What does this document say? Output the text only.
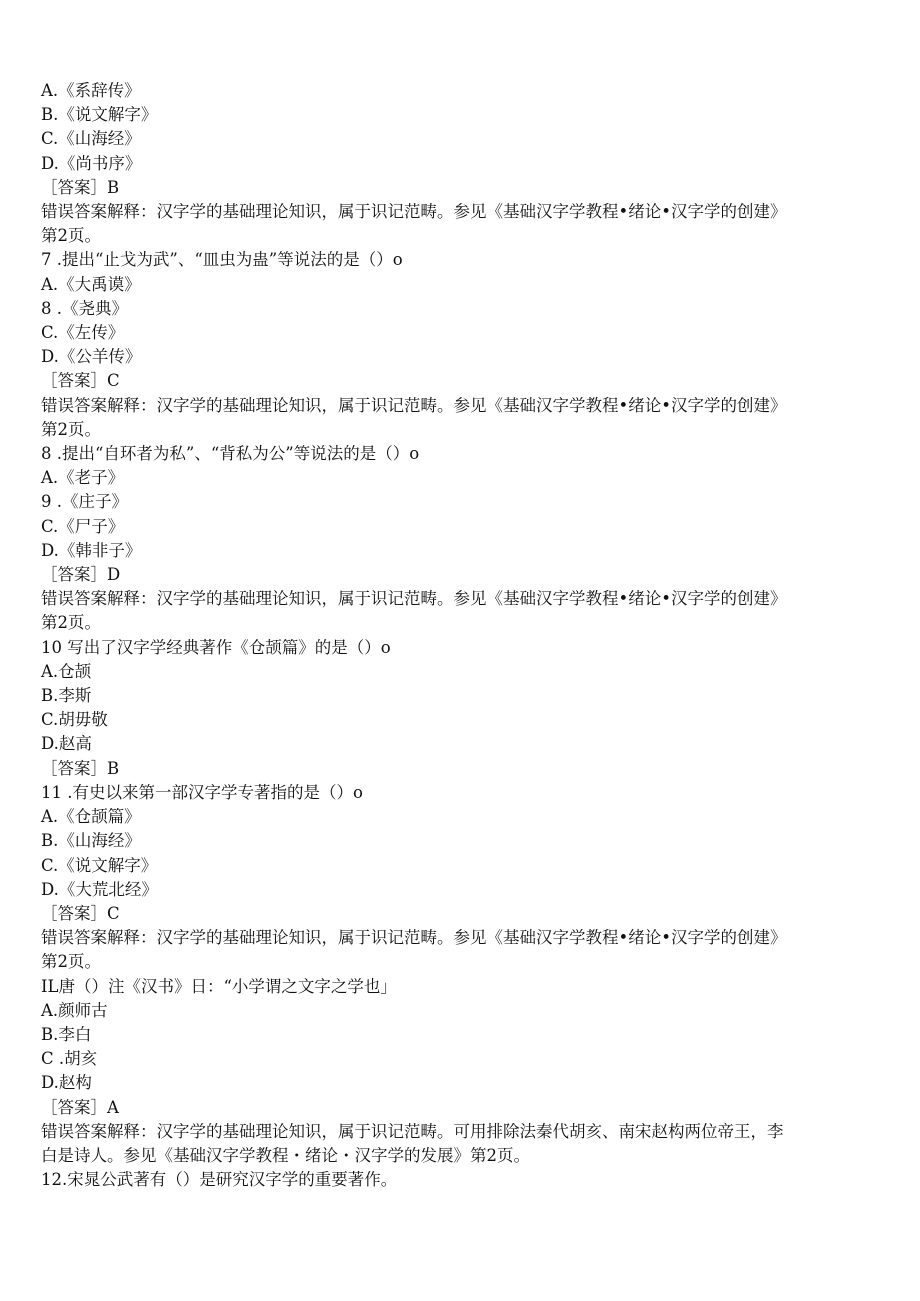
A.《系辞传》

B.《说文解字》

C.《山海经》

D.《尚书序》

［答案］B

错误答案解释：汉字学的基础理论知识，属于识记范畴。参见《基础汉字学教程•绪论•汉字学的创建》

第2页。

7 .提出“止戈为武”、“皿虫为蛊”等说法的是（）o

A.《大禹谟》

8 .《尧典》

C.《左传》

D.《公羊传》

［答案］C

错误答案解释：汉字学的基础理论知识，属于识记范畴。参见《基础汉字学教程•绪论•汉字学的创建》

第2页。

8 .提出“自环者为私”、“背私为公”等说法的是（）o

A.《老子》

9 .《庄子》

C.《尸子》

D.《韩非子》

［答案］D

错误答案解释：汉字学的基础理论知识，属于识记范畴。参见《基础汉字学教程•绪论•汉字学的创建》

第2页。

10 写出了汉字学经典著作《仓颉篇》的是（）o

A.仓颉

B.李斯

C.胡毋敬

D.赵高

［答案］B

11 .有史以来第一部汉字学专著指的是（）o

A.《仓颉篇》

B.《山海经》

C.《说文解字》

D.《大荒北经》

［答案］C

错误答案解释：汉字学的基础理论知识，属于识记范畴。参见《基础汉字学教程•绪论•汉字学的创建》

第2页。

IL唐（）注《汉书》日：“小学谓之文字之学也」

A.颜师古

B.李白

C .胡亥

D.赵构

［答案］A

错误答案解释：汉字学的基础理论知识，属于识记范畴。可用排除法秦代胡亥、南宋赵构两位帝王，李

白是诗人。参见《基础汉字学教程・绪论・汉字学的发展》第2页。

12.宋晁公武著有（）是研究汉字学的重要著作。
